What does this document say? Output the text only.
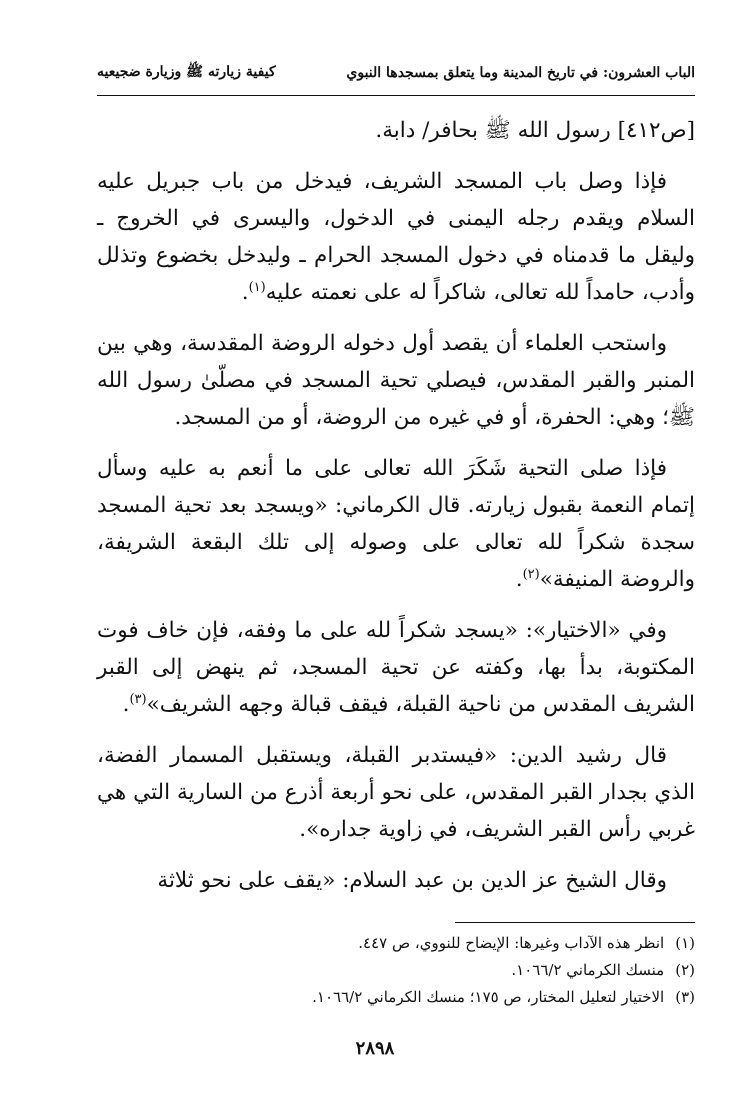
الباب العشرون: في تاريخ المدينة وما يتعلق بمسجدها النبوي
كيفية زيارته ﷺ وزيارة ضجيعيه

[ص٤١٢] رسول الله ﷺ بحافر/ دابة.

فإذا وصل باب المسجد الشريف، فيدخل من باب جبريل عليه السلام ويقدم رجله اليمنى في الدخول، واليسرى في الخروج ـ وليقل ما قدمناه في دخول المسجد الحرام ـ وليدخل بخضوع وتذلل وأدب، حامداً لله تعالى، شاكراً له على نعمته عليه$^{(١)}$.

واستحب العلماء أن يقصد أول دخوله الروضة المقدسة، وهي بين المنبر والقبر المقدس، فيصلي تحية المسجد في مصلّىٰ رسول الله ﷺ؛ وهي: الحفرة، أو في غيره من الروضة، أو من المسجد.

فإذا صلى التحية شَكَرَ الله تعالى على ما أنعم به عليه وسأل إتمام النعمة بقبول زيارته. قال الكرماني: «ويسجد بعد تحية المسجد سجدة شكراً لله تعالى على وصوله إلى تلك البقعة الشريفة، والروضة المنيفة»$^{(٢)}$.

وفي «الاختيار»: «يسجد شكراً لله على ما وفقه، فإن خاف فوت المكتوبة، بدأ بها، وكفته عن تحية المسجد، ثم ينهض إلى القبر الشريف المقدس من ناحية القبلة، فيقف قبالة وجهه الشريف»$^{(٣)}$.

قال رشيد الدين: «فيستدبر القبلة، ويستقبل المسمار الفضة، الذي بجدار القبر المقدس، على نحو أربعة أذرع من السارية التي هي غربي رأس القبر الشريف، في زاوية جداره».

وقال الشيخ عز الدين بن عبد السلام: «يقف على نحو ثلاثة

(١) انظر هذه الآداب وغيرها: الإيضاح للنووي، ص ٤٤٧.
(٢) منسك الكرماني ١٠٦٦/٢.
(٣) الاختيار لتعليل المختار، ص ١٧٥؛ منسك الكرماني ١٠٦٦/٢.
٢٨٩٨
